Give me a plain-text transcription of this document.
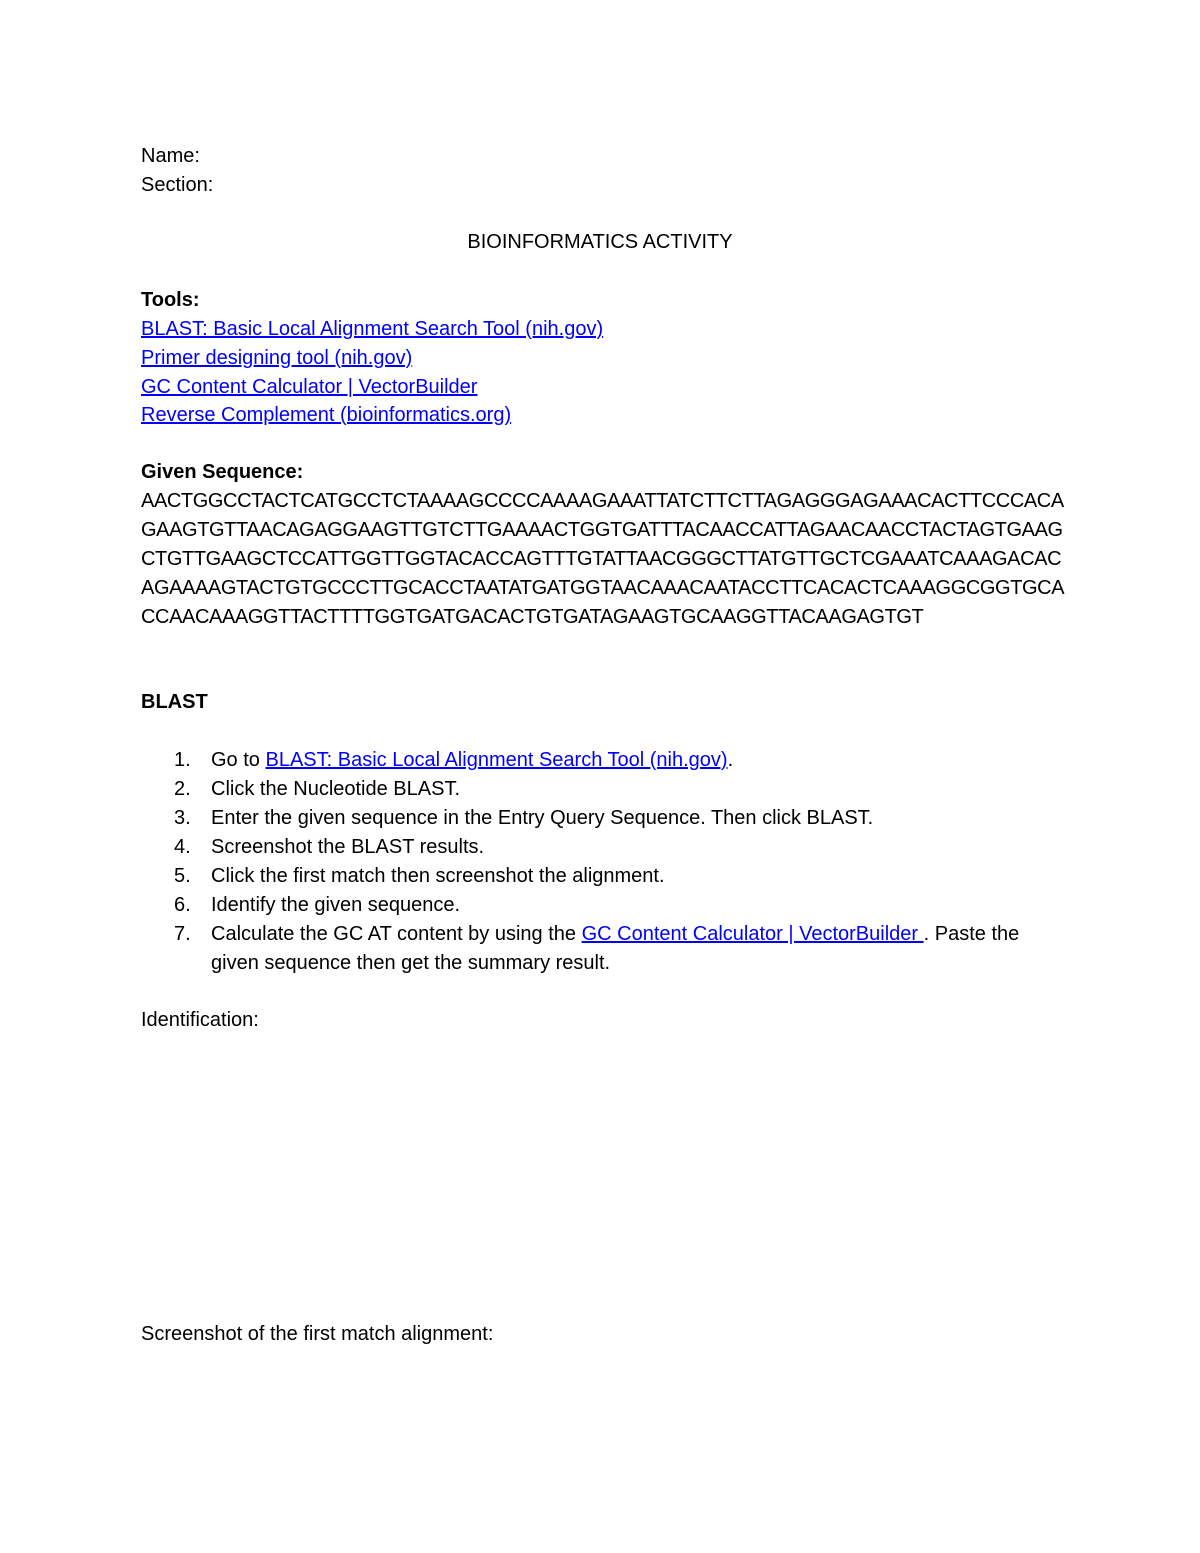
Name:
Section:
BIOINFORMATICS ACTIVITY
Tools:
BLAST: Basic Local Alignment Search Tool (nih.gov)
Primer designing tool (nih.gov)
GC Content Calculator | VectorBuilder
Reverse Complement (bioinformatics.org)
Given Sequence:
AACTGGCCTACTCATGCCTCTAAAAGCCCCAAAAGAAATTATCTTCTTAGAGGGAGAAACACTTCCCACA
GAAGTGTTAACAGAGGAAGTTGTCTTGAAAACTGGTGATTTACAACCATTAGAACAACCTACTAGTGAAG
CTGTTGAAGCTCCATTGGTTGGTACACCAGTTTGTATTAACGGGCTTATGTTGCTCGAAATCAAAGACAC
AGAAAAGTACTGTGCCCTTGCACCTAATATGATGGTAACAAACAATACCTTCACACTCAAAGGCGGTGCA
CCAACAAAGGTTACTTTTGGTGATGACACTGTGATAGAAGTGCAAGGTTACAAGAGTGT
BLAST
1. Go to BLAST: Basic Local Alignment Search Tool (nih.gov).
2. Click the Nucleotide BLAST.
3. Enter the given sequence in the Entry Query Sequence. Then click BLAST.
4. Screenshot the BLAST results.
5. Click the first match then screenshot the alignment.
6. Identify the given sequence.
7. Calculate the GC AT content by using the GC Content Calculator | VectorBuilder . Paste the given sequence then get the summary result.
Identification:
Screenshot of the first match alignment:
